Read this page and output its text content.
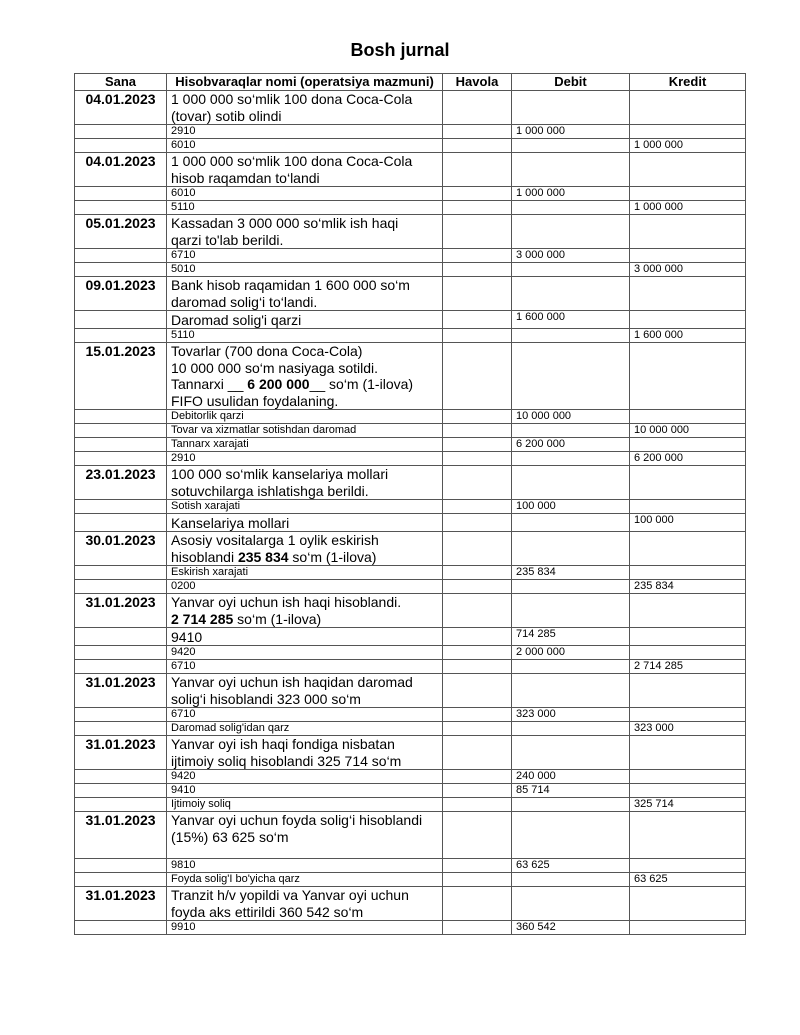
Bosh jurnal
Sana	Hisobvaraqlar nomi (operatsiya mazmuni)	Havola	Debit	Kredit
04.01.2023	1 000 000 so‘mlik 100 dona Coca-Cola
(tovar) sotib olindi			
	2910		1 000 000	
	6010			1 000 000
04.01.2023	1 000 000 so‘mlik 100 dona Coca-Cola
hisob raqamdan to‘landi			
	6010		1 000 000	
	5110			1 000 000
05.01.2023	Kassadan 3 000 000 so‘mlik ish haqi
qarzi to'lab berildi.			
	6710		3 000 000	
	5010			3 000 000
09.01.2023	Bank hisob raqamidan 1 600 000 so‘m
daromad solig‘i to‘landi.			
	Daromad solig'i qarzi		1 600 000	
	5110			1 600 000
15.01.2023	Tovarlar (700 dona Coca-Cola)
10 000 000 so‘m nasiyaga sotildi.
Tannarxi __ 6 200 000__ so‘m (1-ilova)
FIFO usulidan foydalaning.			
	Debitorlik qarzi		10 000 000	
	Tovar va xizmatlar sotishdan daromad			10 000 000
	Tannarx xarajati		6 200 000	
	2910			6 200 000
23.01.2023	100 000 so‘mlik kanselariya mollari
sotuvchilarga ishlatishga berildi.			
	Sotish xarajati		100 000	
	Kanselariya mollari			100 000
30.01.2023	Asosiy vositalarga 1 oylik eskirish
hisoblandi 235 834 so‘m (1-ilova)			
	Eskirish xarajati		235 834	
	0200			235 834
31.01.2023	Yanvar oyi uchun ish haqi hisoblandi.
2 714 285 so‘m (1-ilova)			
	9410		714 285	
	9420		2 000 000	
	6710			2 714 285
31.01.2023	Yanvar oyi uchun ish haqidan daromad
solig‘i hisoblandi 323 000 so‘m			
	6710		323 000	
	Daromad solig'idan qarz			323 000
31.01.2023	Yanvar oyi ish haqi fondiga nisbatan
ijtimoiy soliq hisoblandi 325 714 so‘m			
	9420		240 000	
	9410		85 714	
	Ijtimoiy soliq			325 714
31.01.2023	Yanvar oyi uchun foyda solig‘i hisoblandi
(15%) 63 625 so‘m			
	9810		63 625	
	Foyda solig'I bo'yicha qarz			63 625
31.01.2023	Tranzit h/v yopildi va Yanvar oyi uchun
foyda aks ettirildi 360 542 so‘m			
	9910		360 542	
